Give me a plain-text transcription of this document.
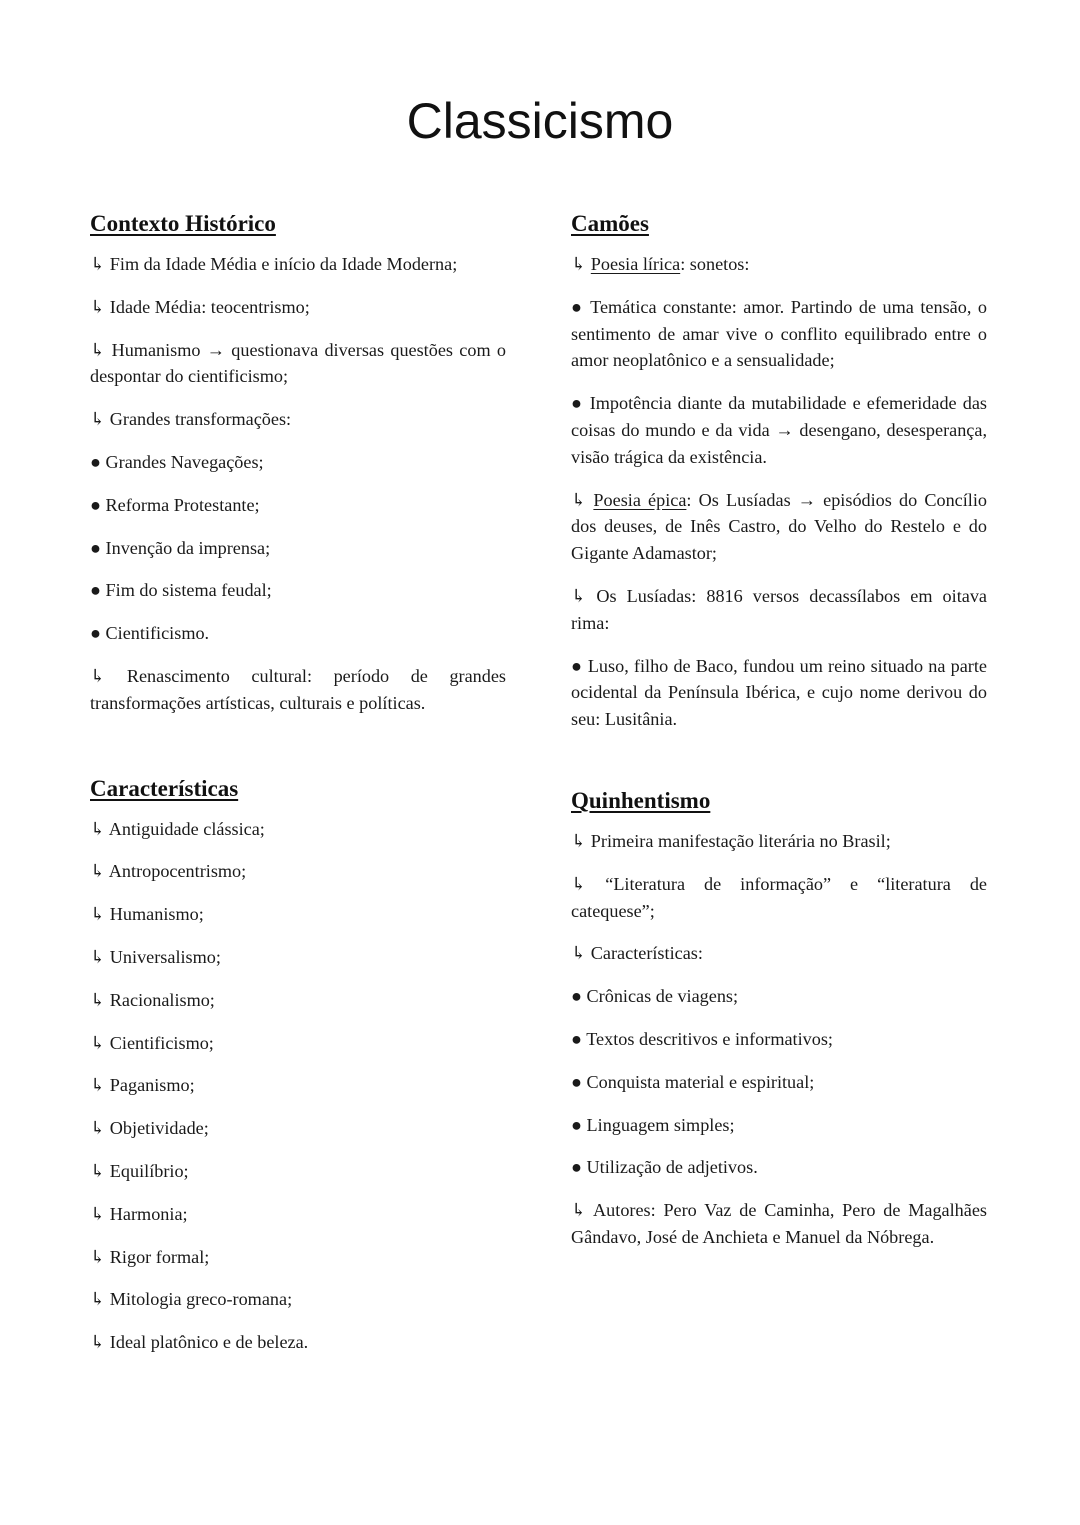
Classicismo
Contexto Histórico
↳ Fim da Idade Média e início da Idade Moderna;
↳ Idade Média: teocentrismo;
↳ Humanismo → questionava diversas questões com o despontar do cientificismo;
↳ Grandes transformações:
● Grandes Navegações;
● Reforma Protestante;
● Invenção da imprensa;
● Fim do sistema feudal;
● Cientificismo.
↳ Renascimento cultural: período de grandes transformações artísticas, culturais e políticas.
Características
↳ Antiguidade clássica;
↳ Antropocentrismo;
↳ Humanismo;
↳ Universalismo;
↳ Racionalismo;
↳ Cientificismo;
↳ Paganismo;
↳ Objetividade;
↳ Equilíbrio;
↳ Harmonia;
↳ Rigor formal;
↳ Mitologia greco-romana;
↳ Ideal platônico e de beleza.
Camões
↳ Poesia lírica: sonetos:
● Temática constante: amor. Partindo de uma tensão, o sentimento de amar vive o conflito equilibrado entre o amor neoplatônico e a sensualidade;
● Impotência diante da mutabilidade e efemeridade das coisas do mundo e da vida → desengano, desesperança, visão trágica da existência.
↳ Poesia épica: Os Lusíadas → episódios do Concílio dos deuses, de Inês Castro, do Velho do Restelo e do Gigante Adamastor;
↳ Os Lusíadas: 8816 versos decassílabos em oitava rima:
● Luso, filho de Baco, fundou um reino situado na parte ocidental da Península Ibérica, e cujo nome derivou do seu: Lusitânia.
Quinhentismo
↳ Primeira manifestação literária no Brasil;
↳ “Literatura de informação” e “literatura de catequese”;
↳ Características:
● Crônicas de viagens;
● Textos descritivos e informativos;
● Conquista material e espiritual;
● Linguagem simples;
● Utilização de adjetivos.
↳ Autores: Pero Vaz de Caminha, Pero de Magalhães Gândavo, José de Anchieta e Manuel da Nóbrega.
